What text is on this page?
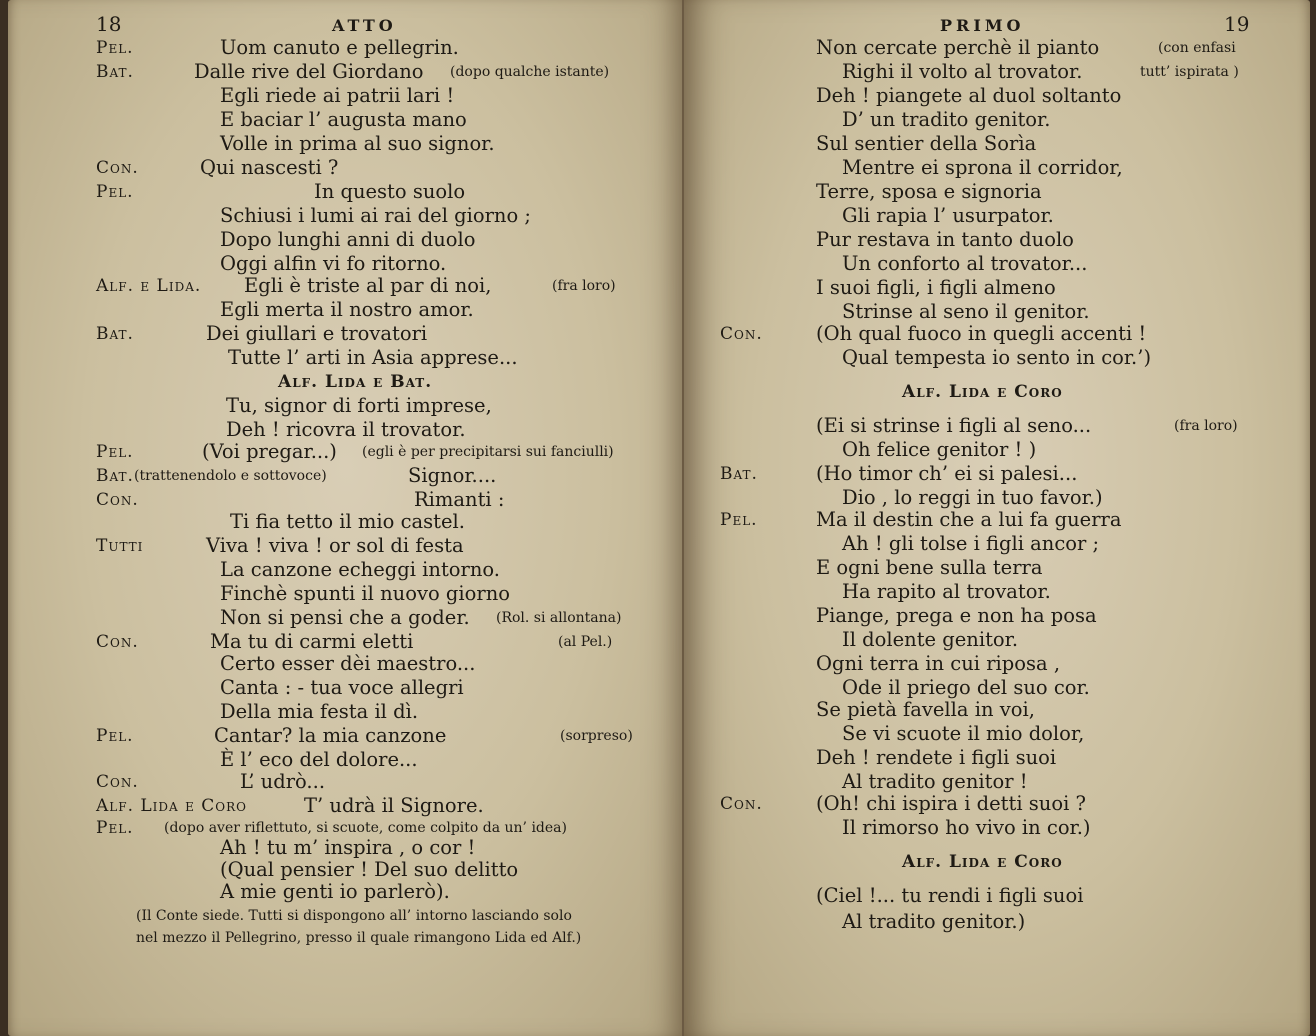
18	ATTO
Pel.	Uom canuto e pellegrin.
Bat.	Dalle rive del Giordano (dopo qualche istante)
Egli riede ai patrii lari !
E baciar l’ augusta mano
Volle in prima al suo signor.
Con.	Qui nascesti ?
Pel.	In questo suolo
Schiusi i lumi ai rai del giorno ;
Dopo lunghi anni di duolo
Oggi alfin vi fo ritorno.
Alf. e Lida. Egli è triste al par di noi,	(fra loro)
Egli merta il nostro amor.
Bat.	Dei giullari e trovatori
Tutte l’ arti in Asia apprese...
Alf. Lida e Bat.
Tu, signor di forti imprese,
Deh ! ricovra il trovator.
Pel.	(Voi pregar...) (egli è per precipitarsi sui fanciulli)
Bat.	Signor....
(trattenendolo e sottovoce)
Con.	Rimanti :
Ti fia tetto il mio castel.
Tutti	Viva ! viva ! or sol di festa
La canzone echeggi intorno.
Finchè spunti il nuovo giorno
Non si pensi che a goder. (Rol. si allontana)
Con.	Ma tu di carmi eletti	(al Pel.)
Certo esser dèi maestro...
Canta : - tua voce allegri
Della mia festa il dì.
Pel.	Cantar? la mia canzone	(sorpreso)
È l’ eco del dolore...
Con.	L’ udrò...
Alf. Lida e Coro	T’ udrà il Signore.
Pel. (dopo aver riflettuto, si scuote, come colpito da un’ idea)
Ah ! tu m’ inspira , o cor !
(Qual pensier ! Del suo delitto
A mie genti io parlerò).
(Il Conte siede. Tutti si dispongono all’ intorno lasciando solo
nel mezzo il Pellegrino, presso il quale rimangono Lida ed Alf.)
PRIMO	19
Non cercate perchè il pianto	(con enfasi
Righi il volto al trovator.	tutt’ ispirata )
Deh ! piangete al duol soltanto
D’ un tradito genitor.
Sul sentier della Sorìa
Mentre ei sprona il corridor,
Terre, sposa e signoria
Gli rapia l’ usurpator.
Pur restava in tanto duolo
Un conforto al trovator...
I suoi figli, i figli almeno
Strinse al seno il genitor.
Con.	(Oh qual fuoco in quegli accenti !
Qual tempesta io sento in cor.’)
Alf. Lida e Coro
(Ei si strinse i figli al seno...	(fra loro)
Oh felice genitor ! )
Bat.	(Ho timor ch’ ei si palesi...
Dio , lo reggi in tuo favor.)
Pel.	Ma il destin che a lui fa guerra
Ah ! gli tolse i figli ancor ;
E ogni bene sulla terra
Ha rapito al trovator.
Piange, prega e non ha posa
Il dolente genitor.
Ogni terra in cui riposa ,
Ode il priego del suo cor.
Se pietà favella in voi,
Se vi scuote il mio dolor,
Deh ! rendete i figli suoi
Al tradito genitor !
Con.	(Oh! chi ispira i detti suoi ?
Il rimorso ho vivo in cor.)
Alf. Lida e Coro
(Ciel !... tu rendi i figli suoi
Al tradito genitor.)
